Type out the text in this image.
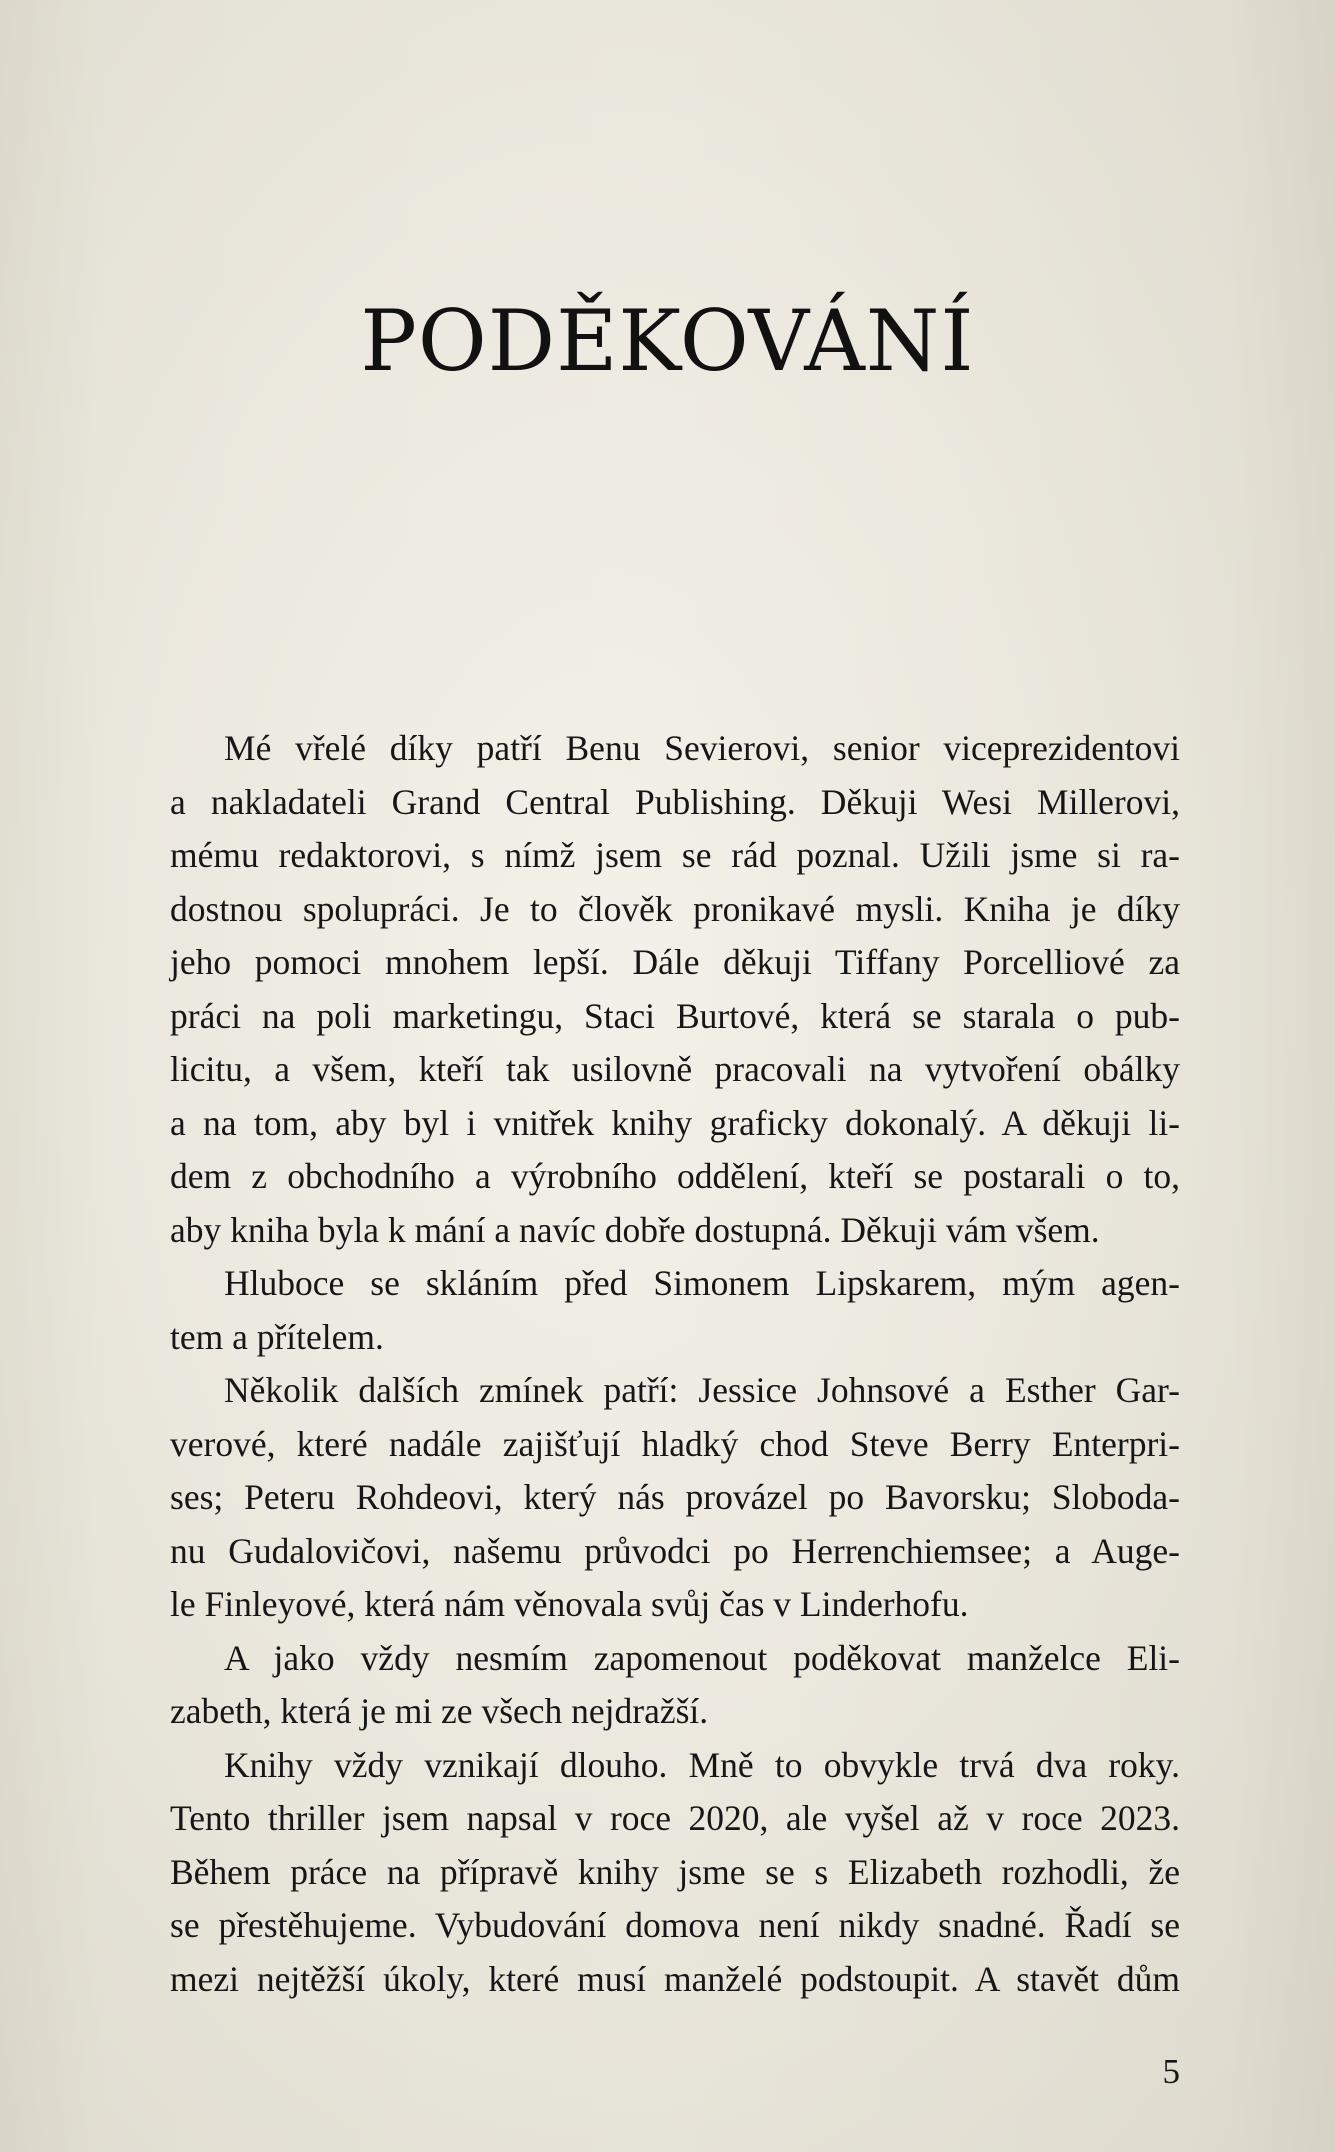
PODĚKOVÁNÍ
Mé vřelé díky patří Benu Sevierovi, senior viceprezidentovi
a nakladateli Grand Central Publishing. Děkuji Wesi Millerovi,
mému redaktorovi, s nímž jsem se rád poznal. Užili jsme si ra-
dostnou spolupráci. Je to člověk pronikavé mysli. Kniha je díky
jeho pomoci mnohem lepší. Dále děkuji Tiffany Porcelliové za
práci na poli marketingu, Staci Burtové, která se starala o pub-
licitu, a všem, kteří tak usilovně pracovali na vytvoření obálky
a na tom, aby byl i vnitřek knihy graficky dokonalý. A děkuji li-
dem z obchodního a výrobního oddělení, kteří se postarali o to,
aby kniha byla k mání a navíc dobře dostupná. Děkuji vám všem.
Hluboce se skláním před Simonem Lipskarem, mým agen-
tem a přítelem.
Několik dalších zmínek patří: Jessice Johnsové a Esther Gar-
verové, které nadále zajišťují hladký chod Steve Berry Enterpri-
ses; Peteru Rohdeovi, který nás provázel po Bavorsku; Sloboda-
nu Gudalovičovi, našemu průvodci po Herrenchiemsee; a Auge-
le Finleyové, která nám věnovala svůj čas v Linderhofu.
A jako vždy nesmím zapomenout poděkovat manželce Eli-
zabeth, která je mi ze všech nejdražší.
Knihy vždy vznikají dlouho. Mně to obvykle trvá dva roky.
Tento thriller jsem napsal v roce 2020, ale vyšel až v roce 2023.
Během práce na přípravě knihy jsme se s Elizabeth rozhodli, že
se přestěhujeme. Vybudování domova není nikdy snadné. Řadí se
mezi nejtěžší úkoly, které musí manželé podstoupit. A stavět dům
5
